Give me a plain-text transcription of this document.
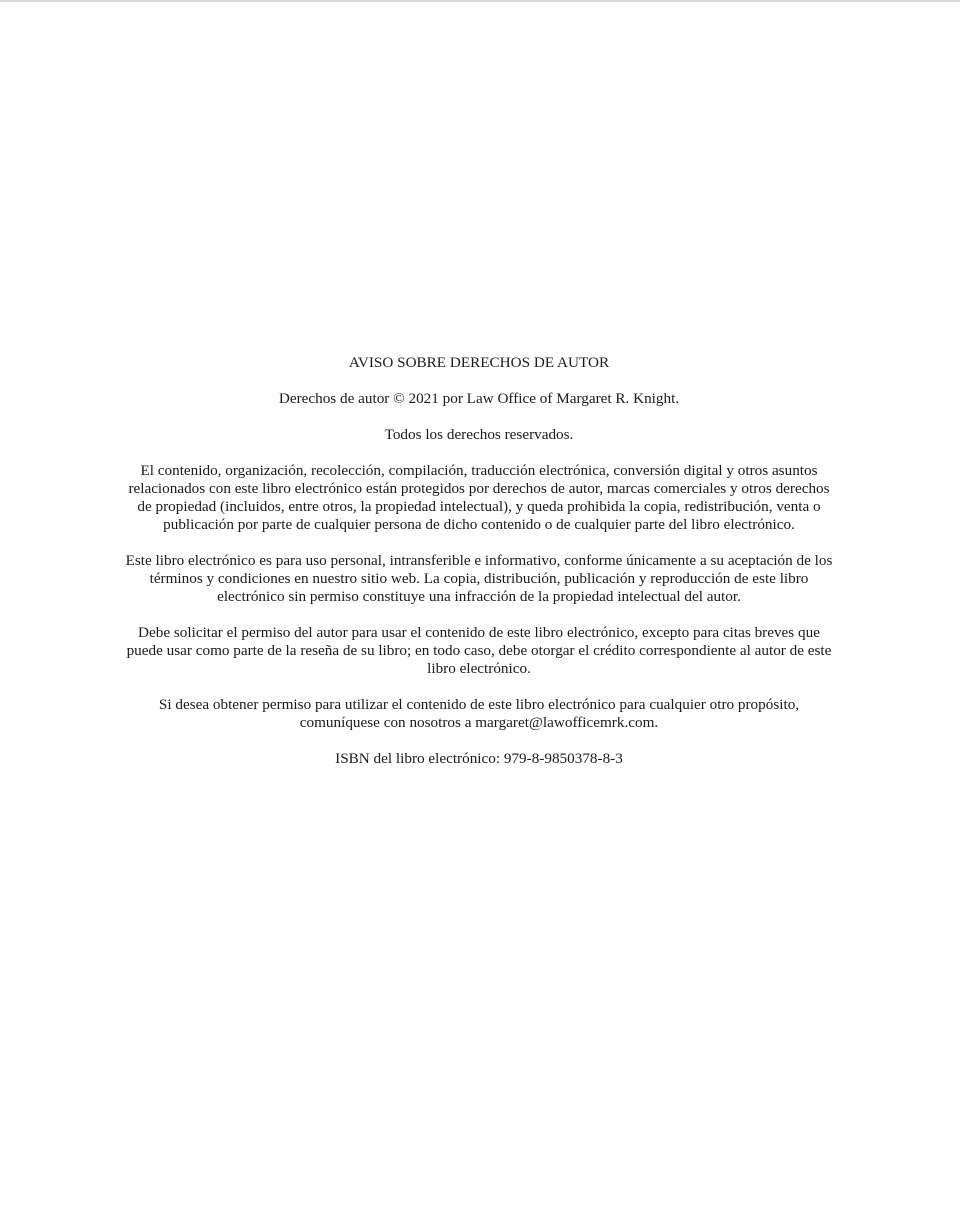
AVISO SOBRE DERECHOS DE AUTOR

Derechos de autor © 2021 por Law Office of Margaret R. Knight.

Todos los derechos reservados.

El contenido, organización, recolección, compilación, traducción electrónica, conversión digital y otros asuntos relacionados con este libro electrónico están protegidos por derechos de autor, marcas comerciales y otros derechos de propiedad (incluidos, entre otros, la propiedad intelectual), y queda prohibida la copia, redistribución, venta o publicación por parte de cualquier persona de dicho contenido o de cualquier parte del libro electrónico.

Este libro electrónico es para uso personal, intransferible e informativo, conforme únicamente a su aceptación de los términos y condiciones en nuestro sitio web. La copia, distribución, publicación y reproducción de este libro electrónico sin permiso constituye una infracción de la propiedad intelectual del autor.

Debe solicitar el permiso del autor para usar el contenido de este libro electrónico, excepto para citas breves que puede usar como parte de la reseña de su libro; en todo caso, debe otorgar el crédito correspondiente al autor de este libro electrónico.

Si desea obtener permiso para utilizar el contenido de este libro electrónico para cualquier otro propósito, comuníquese con nosotros a margaret@lawofficemrk.com.

ISBN del libro electrónico: 979-8-9850378-8-3
